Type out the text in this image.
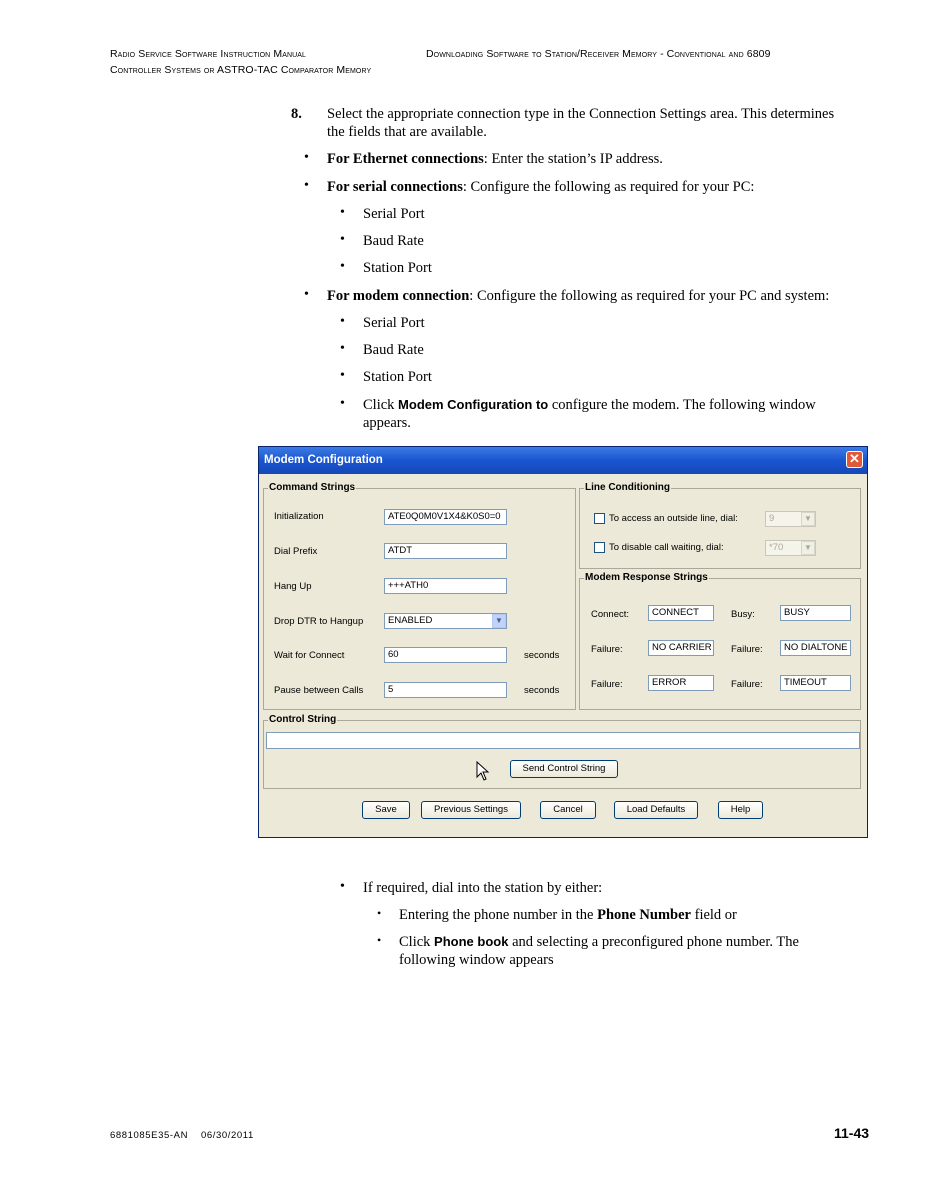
Radio Service Software Instruction Manual	Downloading Software to Station/Receiver Memory - Conventional and 6809
Controller Systems or ASTRO-TAC Comparator Memory
8. Select the appropriate connection type in the Connection Settings area. This determines
the fields that are available.
• For Ethernet connections: Enter the station’s IP address.
• For serial connections: Configure the following as required for your PC:
• Serial Port
• Baud Rate
• Station Port
• For modem connection: Configure the following as required for your PC and system:
• Serial Port
• Baud Rate
• Station Port
• Click Modem Configuration to configure the modem. The following window
appears.
Modem Configuration	✕
Command Strings
Initialization	ATE0Q0M0V1X4&K0S0=0
Dial Prefix	ATDT
Hang Up	+++ATH0
Drop DTR to Hangup	ENABLED	▼
Wait for Connect	60	seconds
Pause between Calls	5	seconds
Line Conditioning
To access an outside line, dial:	9	▼
To disable call waiting, dial:	*70	▼
Modem Response Strings
Connect:	CONNECT	Busy:	BUSY
Failure:	NO CARRIER Failure:	NO DIALTONE
Failure:	ERROR	Failure:	TIMEOUT
Control String
Send Control String
Save	Previous Settings	Cancel	Load Defaults	Help
• If required, dial into the station by either:
• Entering the phone number in the Phone Number field or
• Click Phone book and selecting a preconfigured phone number. The
following window appears
6881085E35-AN 06/30/2011	11-43
